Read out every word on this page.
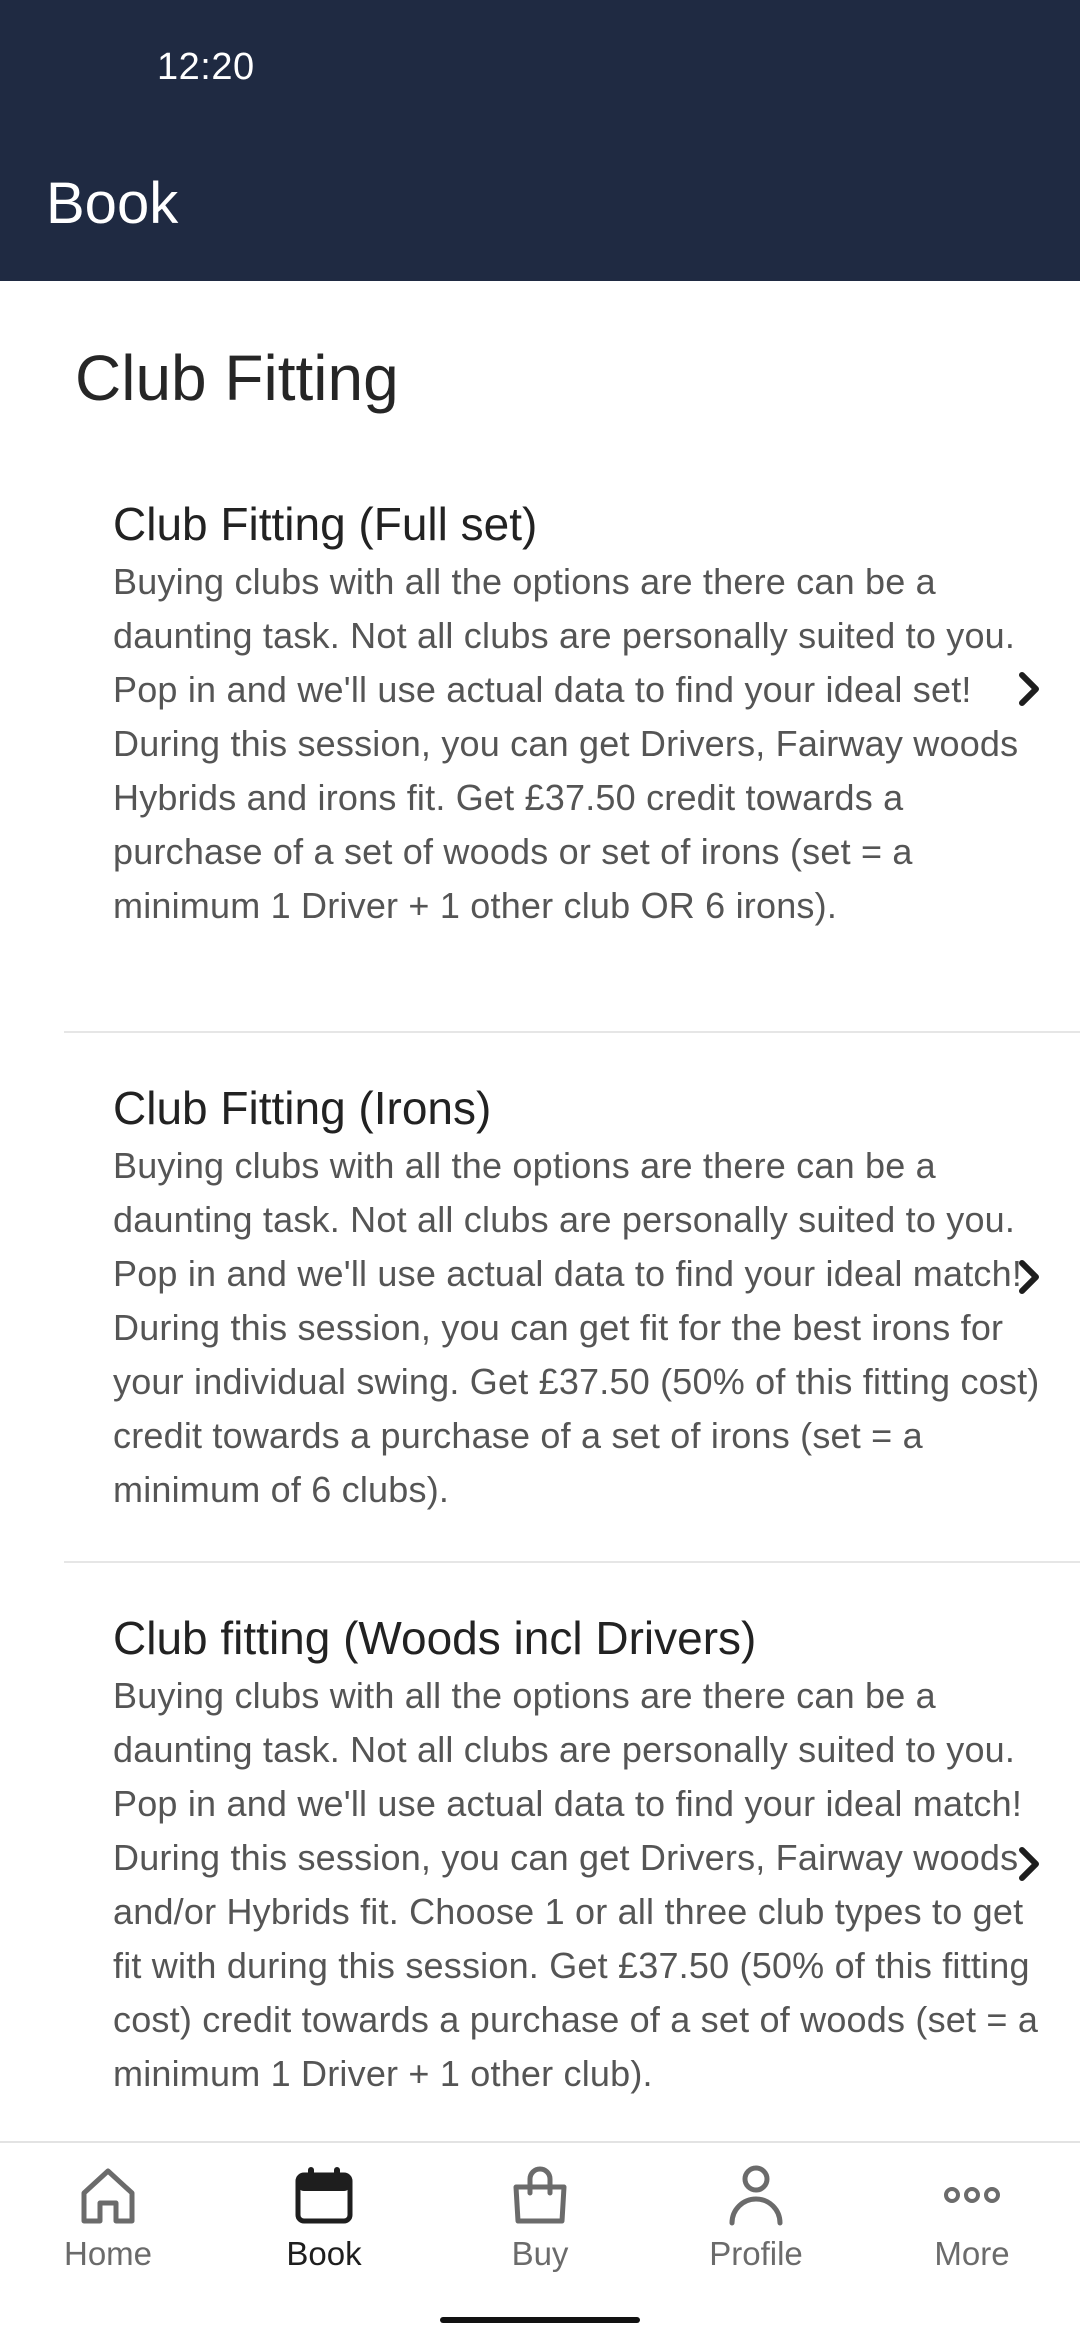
12:20
Book
Club Fitting
Club Fitting (Full set)
Buying clubs with all the options are there can be a daunting task. Not all clubs are personally suited to you. Pop in and we'll use actual data to find your ideal set! During this session, you can get Drivers, Fairway woods Hybrids and irons fit. Get £37.50 credit towards a purchase of a set of woods or set of irons (set = a minimum 1 Driver + 1 other club OR 6 irons).
Club Fitting (Irons)
Buying clubs with all the options are there can be a daunting task. Not all clubs are personally suited to you. Pop in and we'll use actual data to find your ideal match! During this session, you can get fit for the best irons for your individual swing. Get £37.50 (50% of this fitting cost) credit towards a purchase of a set of irons (set = a minimum of 6 clubs).
Club fitting (Woods incl Drivers)
Buying clubs with all the options are there can be a daunting task. Not all clubs are personally suited to you. Pop in and we'll use actual data to find your ideal match! During this session, you can get Drivers, Fairway woods and/or Hybrids fit. Choose 1 or all three club types to get fit with during this session. Get £37.50 (50% of this fitting cost) credit towards a purchase of a set of woods (set = a minimum 1 Driver + 1 other club).
Home	Book	Buy	Profile	More
